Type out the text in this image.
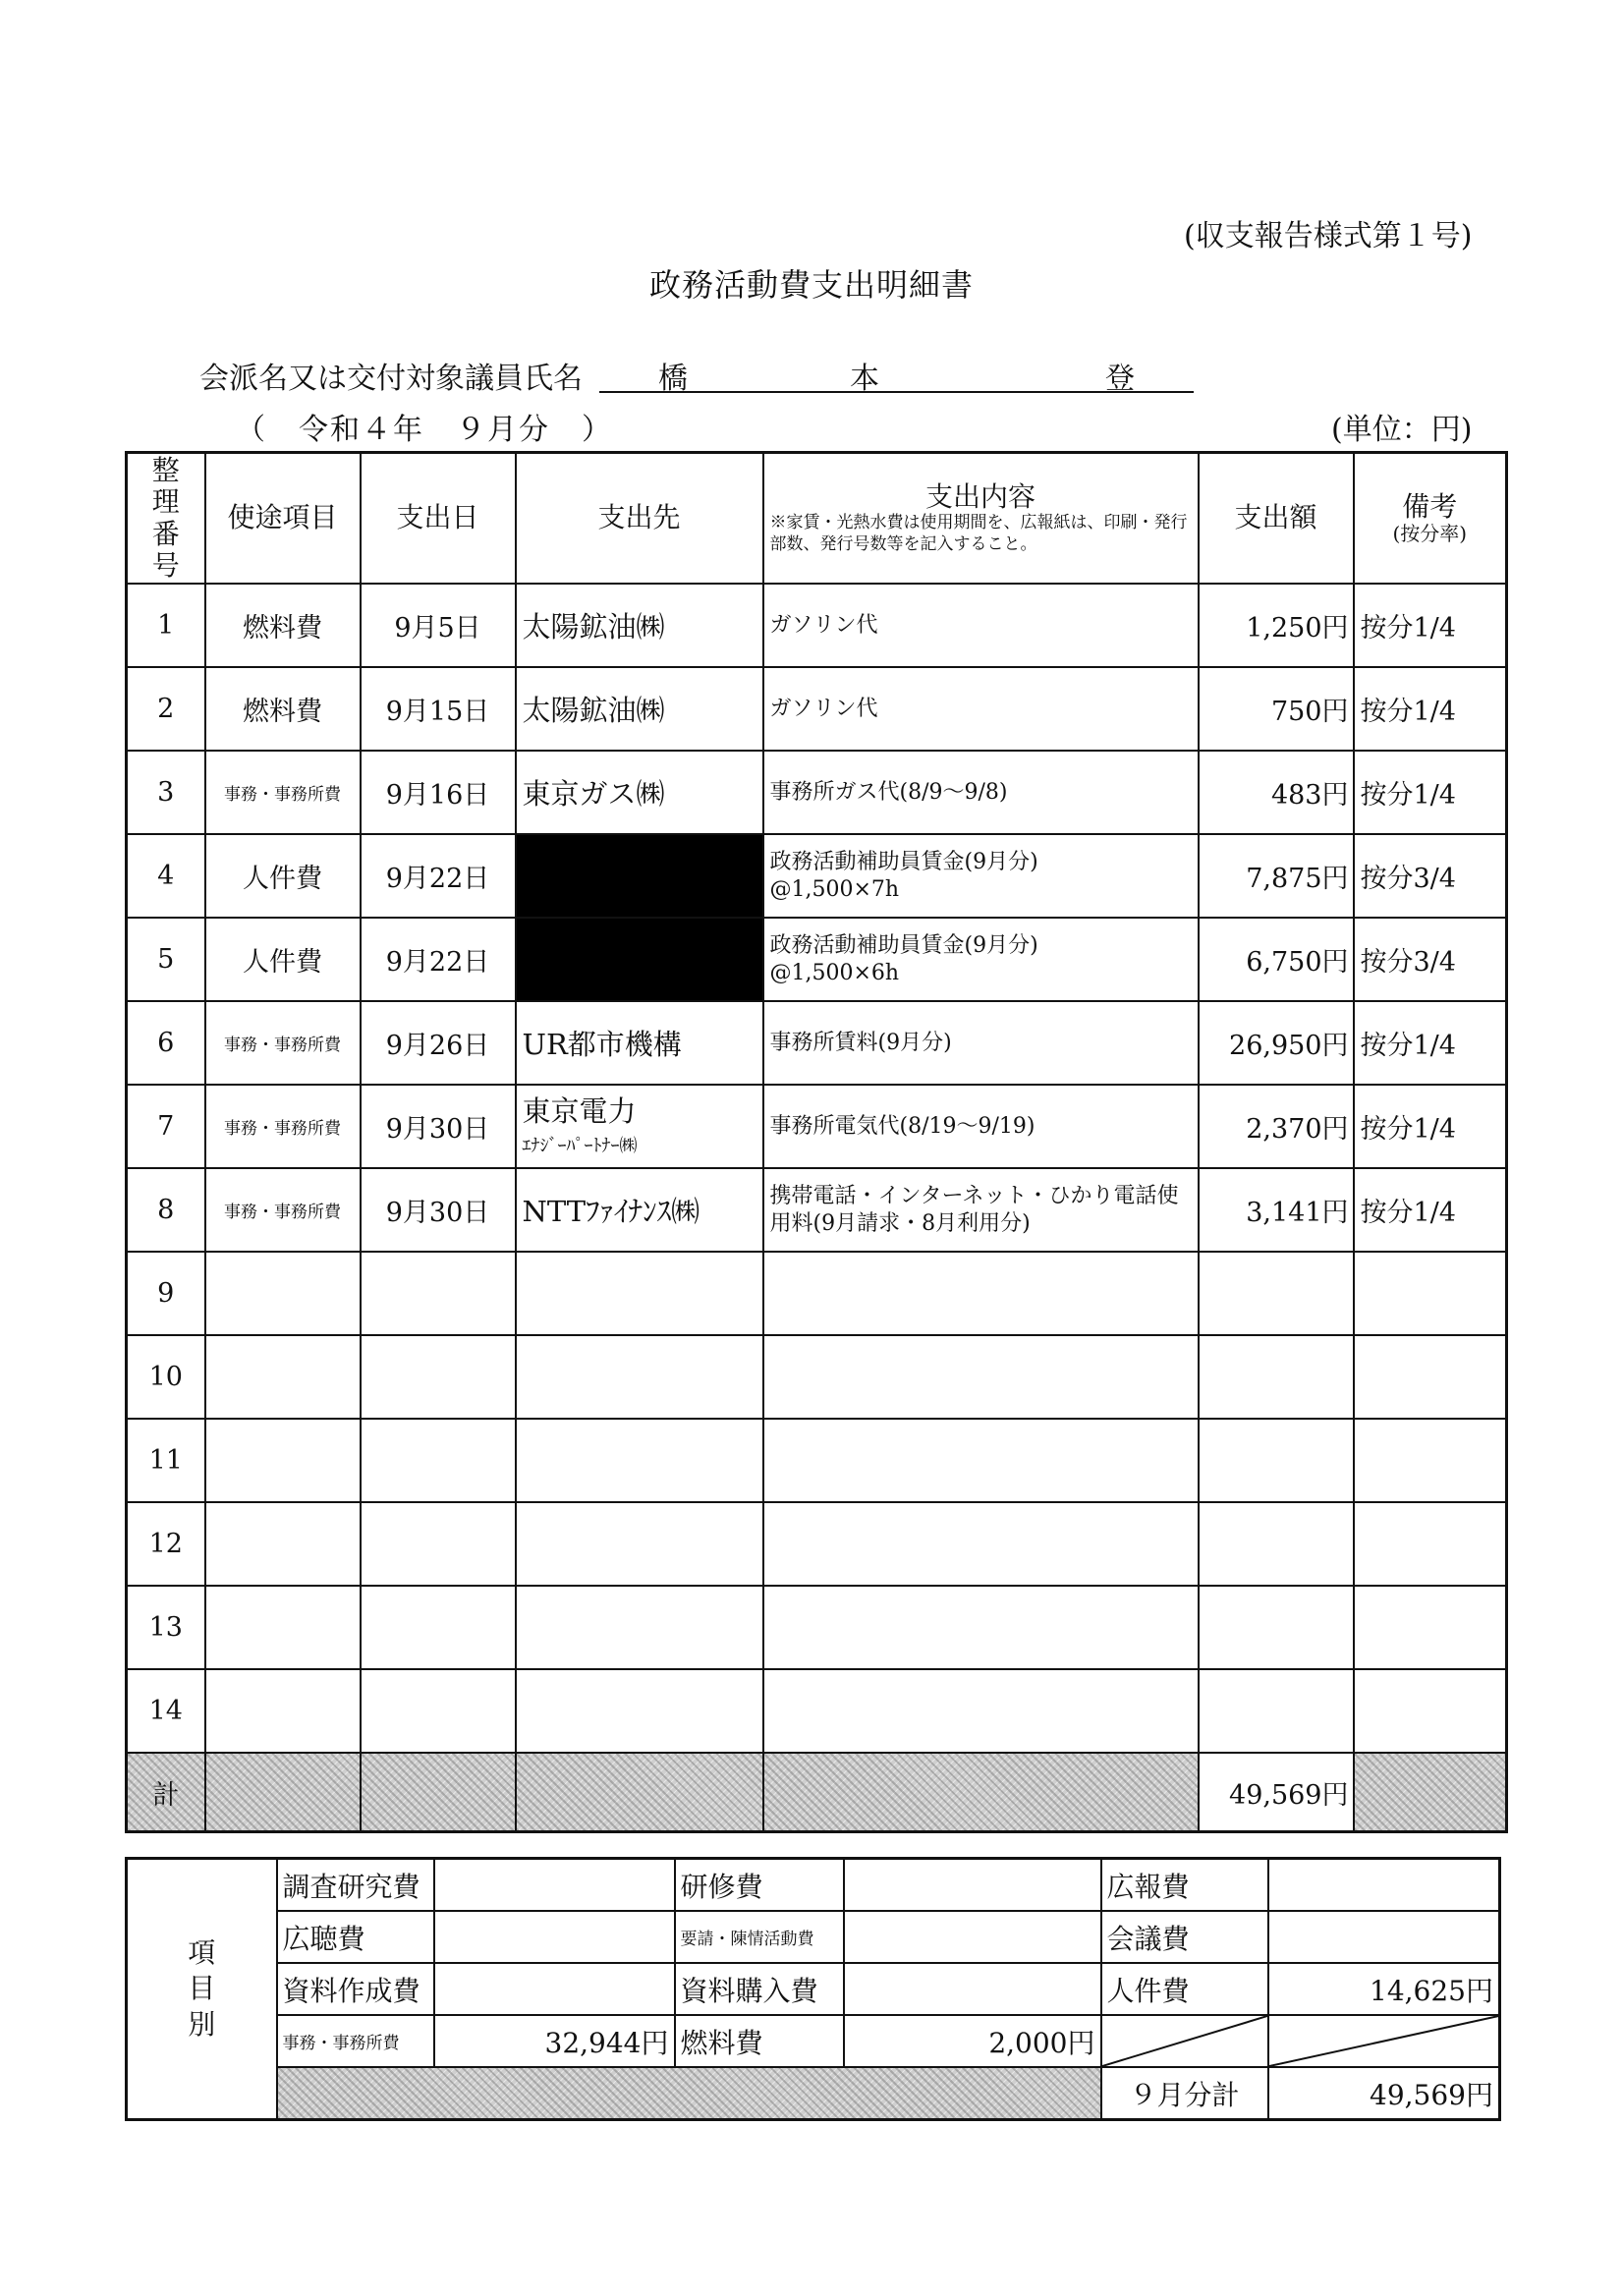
(収支報告様式第１号)
政務活動費支出明細書
会派名又は交付対象議員氏名	橋	本	登
（　令和４年　９月分　）	(単位：円)
整理番号	使途項目	支出日	支出先	支出内容
※家賃・光熱水費は使用期間を、広報紙は、印刷・発行部数、発行号数等を記入すること。	支出額	備考
(按分率)

1	燃料費	9月5日	太陽鉱油㈱	ガソリン代	1,250円	按分1/4
2	燃料費	9月15日	太陽鉱油㈱	ガソリン代	750円	按分1/4
3	事務・事務所費	9月16日	東京ガス㈱	事務所ガス代(8/9～9/8)	483円	按分1/4
4	人件費	9月22日		政務活動補助員賃金(9月分)
@1,500×7h	7,875円	按分3/4
5	人件費	9月22日		政務活動補助員賃金(9月分)
@1,500×6h	6,750円	按分3/4
6	事務・事務所費	9月26日	UR都市機構	事務所賃料(9月分)	26,950円	按分1/4
7	事務・事務所費	9月30日	東京電力
ｴﾅｼﾞｰﾊﾟｰﾄﾅｰ㈱	事務所電気代(8/19～9/19)	2,370円	按分1/4
8	事務・事務所費	9月30日	NTTﾌｧｲﾅﾝｽ㈱	携帯電話・インターネット・ひかり電話使用料(9月請求・8月利用分)	3,141円	按分1/4
9						
10						
11						
12						
13						
14						
計					49,569円	
項
目
別	調査研究費		研修費		広報費	
	広聴費		要請・陳情活動費		会議費	
	資料作成費		資料購入費		人件費	14,625円
	事務・事務所費	32,944円	燃料費	2,000円	

					９月分計	49,569円
